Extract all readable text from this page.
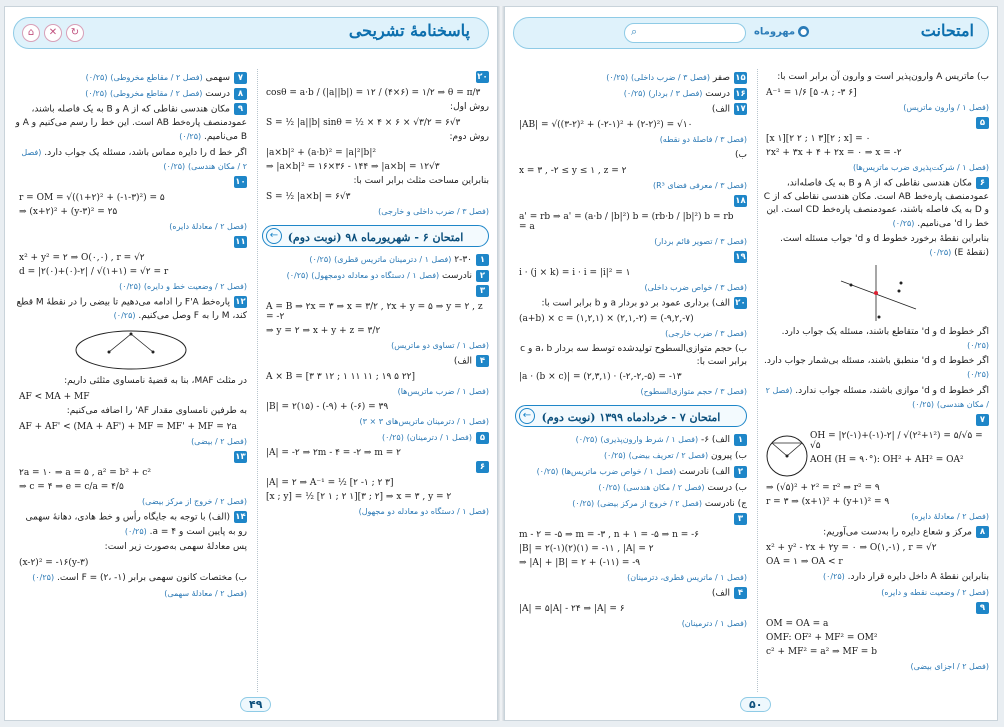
⌂	✕	↻	پاسخنامهٔ تشریحی
۲۰
cosθ = a·b / (|a||b|) = ۱۲ / (۴×۶) = ۱/۲ ⇒ θ = π/۳
روش اول:
S = ½ |a||b| sinθ = ½ × ۴ × ۶ × √۳/۲ = ۶√۳
روش دوم:
|a×b|² + (a·b)² = |a|²|b|²
⇒ |a×b|² = ۱۶×۳۶ - ۱۴۴ ⇒ |a×b| = ۱۲√۳
بنابراین مساحت مثلث برابر است با:
S = ½ |a×b| = ۶√۳
(فصل ۳ / ضرب داخلی و خارجی)
امتحان ۶ - شهریورماه ۹۸ (نوبت دوم)
←
۱۲-۳۰ (فصل ۱ / دترمینان ماتریس قطری) (۰/۲۵)
۲نادرست (فصل ۱ / دستگاه دو معادله دومجهول) (۰/۲۵)
۳
A = B ⇒ ۲x = ۳ ⇒ x = ۳/۲ , ۲x + y = ۵ ⇒ y = ۲ , z = -۲
⇒ y = ۲ ⇒ x + y + z = ۳/۲
(فصل ۱ / تساوی دو ماتریس)
۴الف)
A × B = [۳ ۳ ۱۲ ; ۱ ۱۱ ۱۱ ; ۱۹ ۵ ۲۲]
(فصل ۱ / ضرب ماتریس‌ها)
|B| = ۲(۱۵) - (-۹) + (-۶) = ۳۹
(فصل ۱ / دترمینان ماتریس‌های ۳ × ۳)
۵(فصل ۱ / دترمینان) (۰/۲۵)
|A| = -۲ ⇒ ۲m - ۴ = -۲ ⇒ m = ۲
۶
|A| = ۲ ⇒ A⁻¹ = ½ [۲ -۱ ; ۲ ۳]
[x ; y] = ½ [۲ ۱ ; ۲ ۱][۳ ; ۲] ⇒ x = ۳ , y = ۲
(فصل ۱ / دستگاه دو معادله دو مجهول)
۷سهمی (فصل ۲ / مقاطع مخروطی) (۰/۲۵)
۸درست (فصل ۲ / مقاطع مخروطی) (۰/۲۵)
۹مکان هندسی نقاطی که از A و B به یک فاصله باشند، عمودمنصف پاره‌خط AB است. این خط را رسم می‌کنیم و A و B می‌نامیم. (۰/۲۵)
اگر خط d را دایره مماس باشد، مسئله یک جواب دارد. (فصل ۲ / مکان هندسی) (۰/۲۵)
۱۰
r = OM = √((۱+۲)² + (-۱-۳)²) = ۵
⇒ (x+۲)² + (y-۳)² = ۲۵
(فصل ۲ / معادلهٔ دایره)
۱۱
x² + y² = ۲ ⇒ O(۰,۰) , r = √۲
d = |۲(۰)+(۰)-۲| / √(۱+۱) = √۲ = r
(فصل ۲ / وضعیت خط و دایره) (۰/۲۵)
۱۲پاره‌خط F'A را ادامه می‌دهیم تا بیضی را در نقطهٔ M قطع کند، M را به F وصل می‌کنیم. (۰/۲۵)
در مثلث MAF، بنا به قضیهٔ نامساوی مثلثی داریم:
AF < MA + MF
به طرفین نامساوی مقدار AF' را اضافه می‌کنیم:
AF + AF' < (MA + AF') + MF = MF' + MF = ۲a
(فصل ۲ / بیضی)
۱۳
۲a = ۱۰ ⇒ a = ۵ , a² = b² + c²
⇒ c = ۴ ⇒ e = c/a = ۴/۵
(فصل ۲ / خروج از مرکز بیضی)
۱۴(الف) با توجه به جایگاه رأس و خط هادی، دهانهٔ سهمی رو به پایین است و a = ۴. (۰/۲۵)
پس معادلهٔ سهمی به‌صورت زیر است:
(x-۲)² = -۱۶(y-۳)
ب) مختصات کانون سهمی برابر F = (۲، -۱) است. (۰/۲۵)
(فصل ۲ / معادلهٔ سهمی)
۴۹
⌕	مهروماه ●	امتحانت
ب) ماتریس A وارون‌پذیر است و وارون آن برابر است با:
A⁻¹ = ۱/۶ [۵ -۸ ; -۳ ۶]
(فصل ۱ / وارون ماتریس)
۵
[x ۱][۲ ۲ ; ۱ ۳][۲ ; x] = ۰
۲x² + ۳x + ۴ + ۲x = ۰ ⇒ x = -۲
(فصل ۱ / شرکت‌پذیری ضرب ماتریس‌ها)
۶مکان هندسی نقاطی که از A و B به یک فاصله‌اند، عمودمنصف پاره‌خط AB است. مکان هندسی نقاطی که از C و D به یک فاصله باشند، عمودمنصف پاره‌خط CD است. این خط را d' می‌نامیم. (۰/۲۵)
بنابراین نقطهٔ برخورد خطوط d و d' جواب مسئله است. (نقطهٔ E) (۰/۲۵)
اگر خطوط d و d' متقاطع باشند، مسئله یک جواب دارد. (۰/۲۵)
اگر خطوط d و d' منطبق باشند، مسئله بی‌شمار جواب دارد. (۰/۲۵)
اگر خطوط d و d' موازی باشند، مسئله جواب ندارد. (فصل ۲ / مکان هندسی) (۰/۲۵)
۷
OH = |۲(-۱)+(-۱)-۲| / √(۲²+۱²) = ۵/√۵ = √۵
AOH (H = ۹۰°): OH² + AH² = OA²
⇒ (√۵)² + ۲² = r² ⇒ r² = ۹
r = ۳ ⇒ (x+۱)² + (y+۱)² = ۹
(فصل ۲ / معادلهٔ دایره)
۸مرکز و شعاع دایره را به‌دست می‌آوریم:
x² + y² - ۲x + ۲y = ۰ ⇒ O(۱,-۱) , r = √۲
OA = ۱ ⇒ OA < r
بنابراین نقطهٔ A داخل دایره قرار دارد. (۰/۲۵)
(فصل ۲ / وضعیت نقطه و دایره)
۹
OM = OA = a
OMF: OF² + MF² = OM²
c² + MF² = a² ⇒ MF = b
(فصل ۲ / اجزای بیضی)
۱۵صفر (فصل ۳ / ضرب داخلی) (۰/۲۵)
۱۶درست (فصل ۳ / بردار) (۰/۲۵)
۱۷الف)
|AB| = √((۳-۲)² + (-۲-۱)² + (۲-۲)²) = √۱۰
(فصل ۳ / فاصلهٔ دو نقطه)
ب)
x = ۳ , -۲ ≤ y ≤ ۱ , z = ۲
(فصل ۳ / معرفی فضای R³)
۱۸
a' = rb ⇒ a' = (a·b / |b|²) b = (rb·b / |b|²) b = rb = a
(فصل ۳ / تصویر قائم بردار)
۱۹
i · (j × k) = i · i = |i|² = ۱
(فصل ۳ / خواص ضرب داخلی)
۲۰الف) برداری عمود بر دو بردار a و b برابر است با:
(a+b) × c = (۱,۲,۱) × (۲,۱,-۲) = (-۹,۲,-۷)
(فصل ۳ / ضرب خارجی)
ب) حجم متوازی‌السطوح تولیدشده توسط سه بردار a، b و c برابر است با:
|a · (b × c)| = (۲,۳,۱) · (-۲,-۲,-۵) = -۱۳
(فصل ۳ / حجم متوازی‌السطوح)
امتحان ۷ - خردادماه ۱۳۹۹ (نوبت دوم)
←
۱الف) ۶- (فصل ۱ / شرط وارون‌پذیری) (۰/۲۵)
ب) پیرون (فصل ۲ / تعریف بیضی) (۰/۲۵)
۲الف) نادرست (فصل ۱ / خواص ضرب ماتریس‌ها) (۰/۲۵)
ب) درست (فصل ۲ / مکان هندسی) (۰/۲۵)
ج) نادرست (فصل ۲ / خروج از مرکز بیضی) (۰/۲۵)
۳
m - ۲ = -۵ ⇒ m = -۳ , n + ۱ = -۵ ⇒ n = -۶
|B| = ۲(-۱)(۲)(۱) = -۱۱ , |A| = ۲
⇒ |A| + |B| = ۲ + (-۱۱) = -۹
(فصل ۱ / ماتریس قطری، دترمینان)
۴الف)
|A| = ۵|A| - ۲۴ ⇒ |A| = ۶
(فصل ۱ / دترمینان)
۵۰
